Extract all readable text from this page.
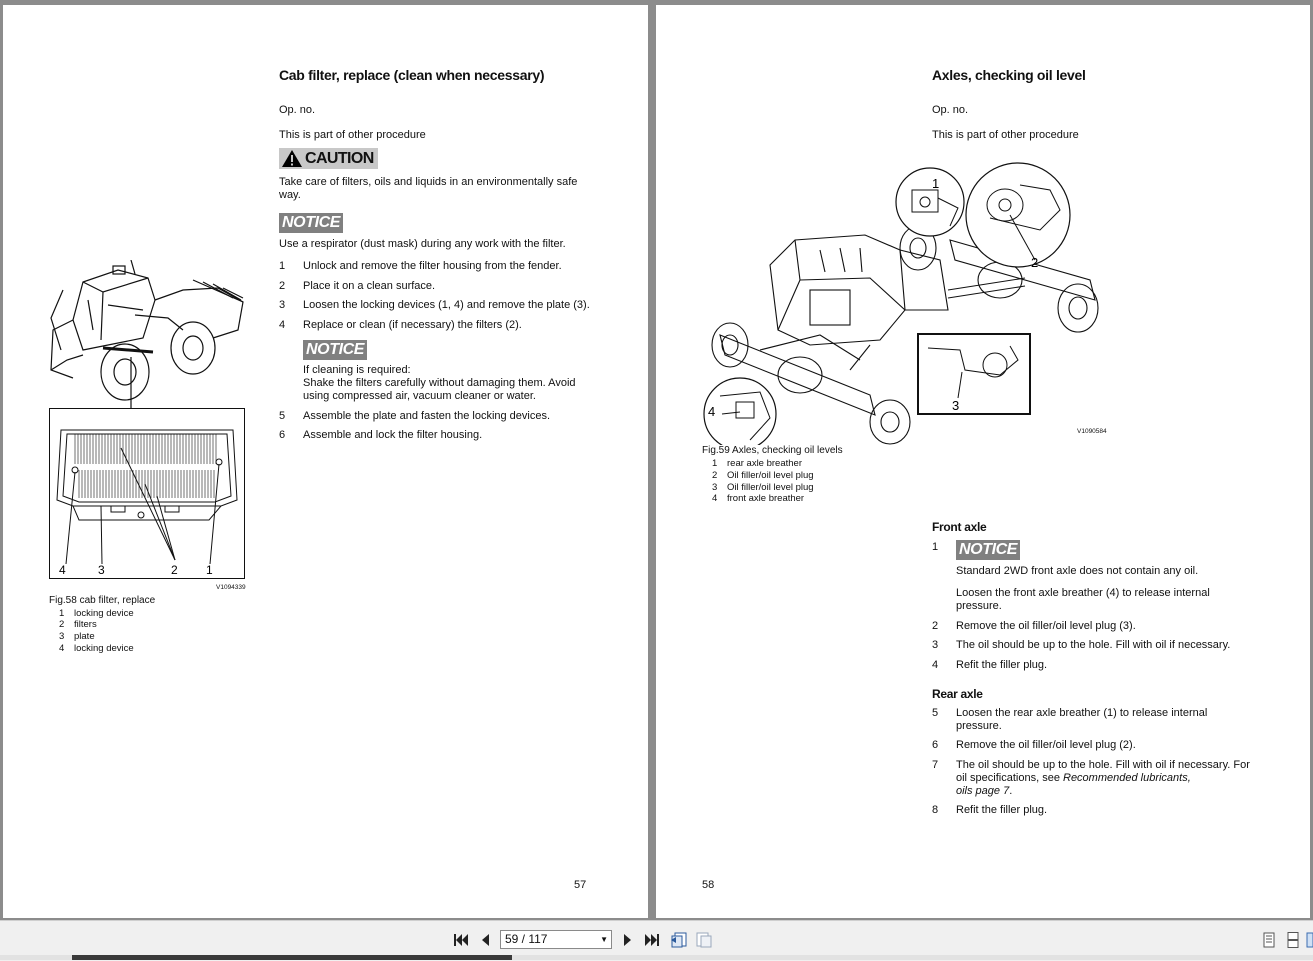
Cab filter, replace (clean when necessary)
Op. no.
This is part of other procedure
CAUTION
Take care of filters, oils and liquids in an environmentally safe
way.
NOTICE
Use a respirator (dust mask) during any work with the filter.
1 Unlock and remove the filter housing from the fender.
2 Place it on a clean surface.
3 Loosen the locking devices (1, 4) and remove the plate (3).
4 Replace or clean (if necessary) the filters (2).
NOTICE
If cleaning is required:
Shake the filters carefully without damaging them. Avoid
using compressed air, vacuum cleaner or water.
5 Assemble the plate and fasten the locking devices.
6 Assemble and lock the filter housing.
4	3	2 1
V1094339
Fig.58 cab filter, replace
1 locking device
2 filters
3 plate
4 locking device
57
Axles, checking oil level
Op. no.
This is part of other procedure
1
2
3
4
V1090584
Fig.59 Axles, checking oil levels
1 rear axle breather
2 Oil filler/oil level plug
3 Oil filler/oil level plug
4 front axle breather
Front axle
1 NOTICE
Standard 2WD front axle does not contain any oil.
Loosen the front axle breather (4) to release internal
pressure.
2 Remove the oil filler/oil level plug (3).
3 The oil should be up to the hole. Fill with oil if necessary.
4 Refit the filler plug.
Rear axle
5 Loosen the rear axle breather (1) to release internal
pressure.
6 Remove the oil filler/oil level plug (2).
7 The oil should be up to the hole. Fill with oil if necessary. For
oil specifications, see Recommended lubricants,
oils page 7.
8 Refit the filler plug.
58
59 / 117	▼
